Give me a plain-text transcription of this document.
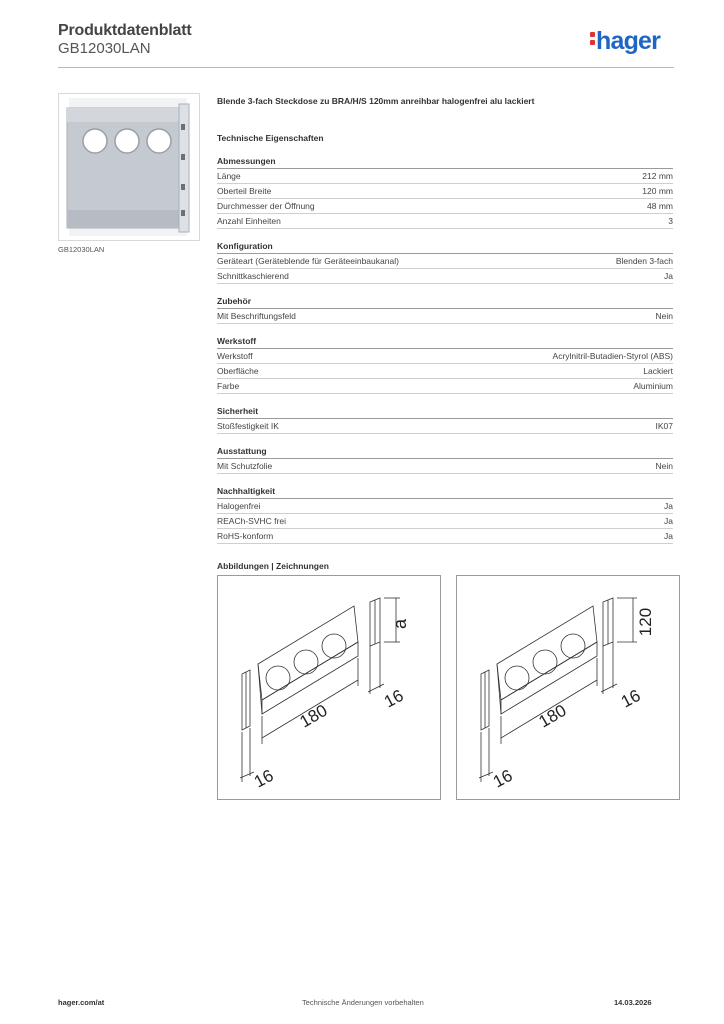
Produktdatenblatt
GB12030LAN	hager
GB12030LAN
Blende 3-fach Steckdose zu BRA/H/S 120mm anreihbar halogenfrei alu lackiert
Technische Eigenschaften
Abmessungen
Länge	212 mm
Oberteil Breite	120 mm
Durchmesser der Öffnung	48 mm
Anzahl Einheiten	3
Konfiguration
Geräteart (Geräteblende für Geräteeinbaukanal)	Blenden 3-fach
Schnittkaschierend	Ja
Zubehör
Mit Beschriftungsfeld	Nein
Werkstoff
Werkstoff	Acrylnitril-Butadien-Styrol (ABS)
Oberfläche	Lackiert
Farbe	Aluminium
Sicherheit
Stoßfestigkeit IK	IK07
Ausstattung
Mit Schutzfolie	Nein
Nachhaltigkeit
Halogenfrei	Ja
REACh-SVHC frei	Ja
RoHS-konform	Ja
Abbildungen | Zeichnungen
a
16
180
16
120
16
180
16
hager.com/at	Technische Änderungen vorbehalten	14.03.2026
